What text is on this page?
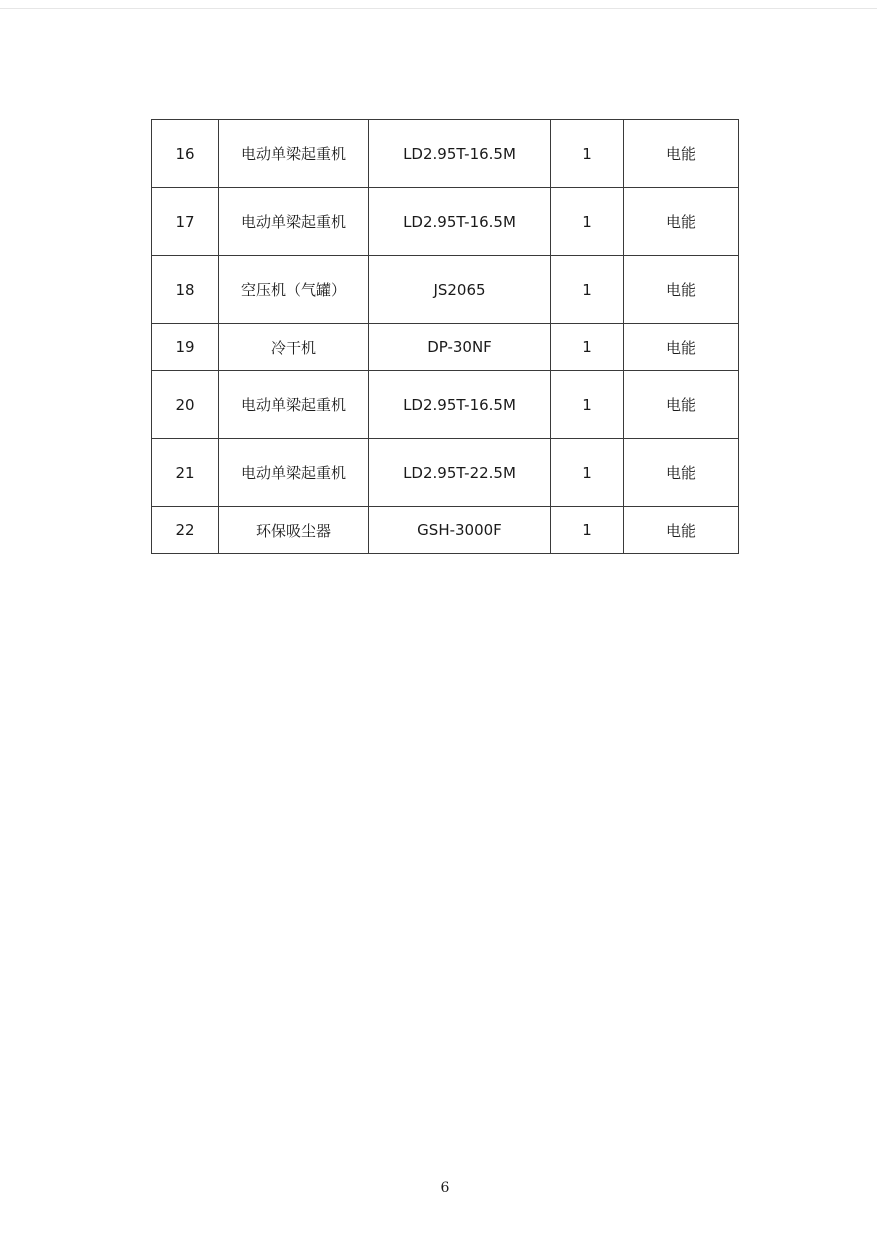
16	电动单梁起重机	LD2.95T-16.5M	1	电能
17	电动单梁起重机	LD2.95T-16.5M	1	电能
18	空压机（气罐）	JS2065	1	电能
19	冷干机	DP-30NF	1	电能
20	电动单梁起重机	LD2.95T-16.5M	1	电能
21	电动单梁起重机	LD2.95T-22.5M	1	电能
22	环保吸尘器	GSH-3000F	1	电能
6
